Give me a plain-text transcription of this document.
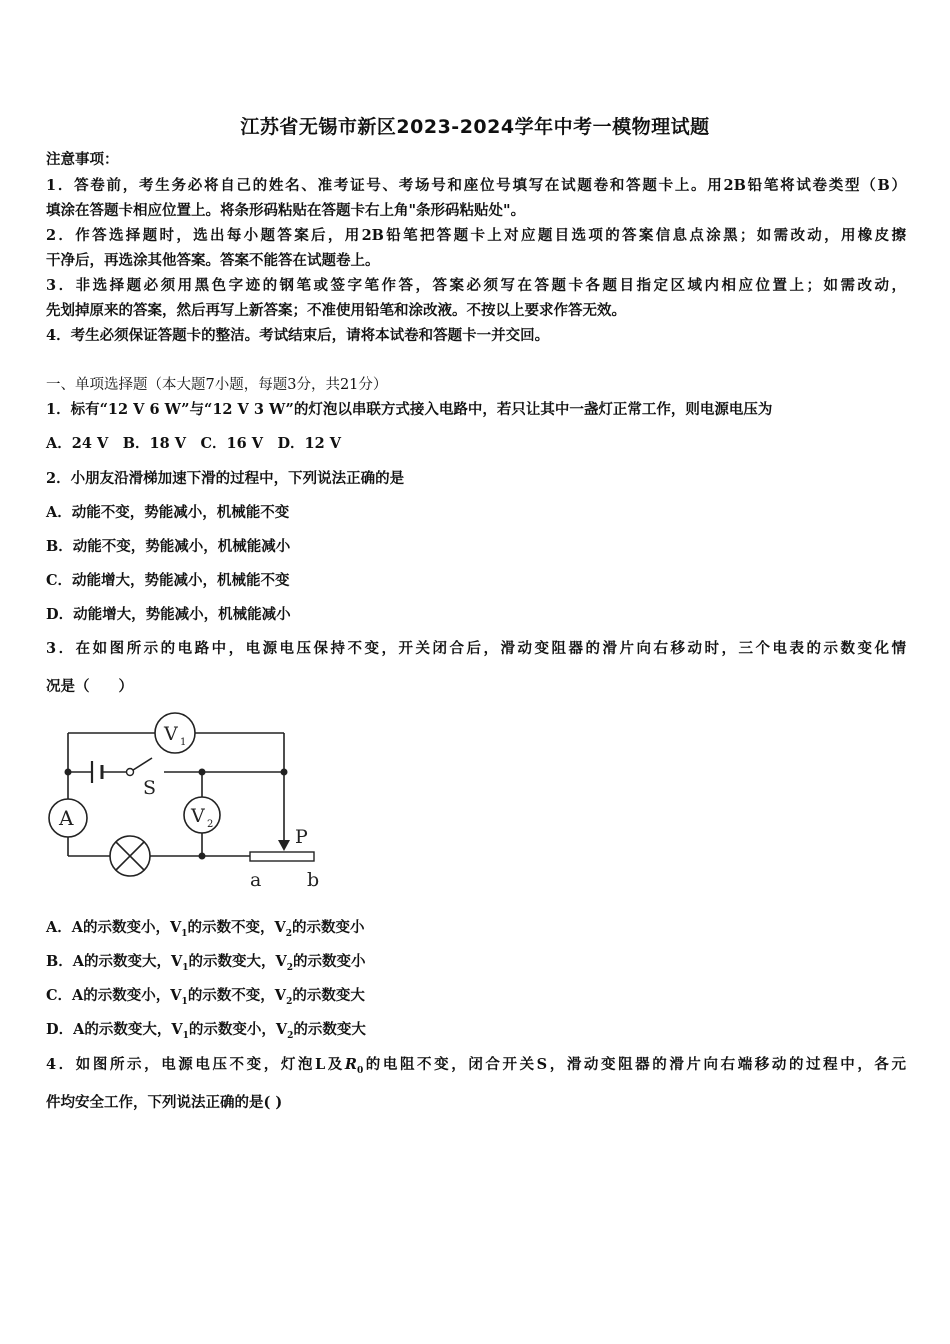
江苏省无锡市新区2023-2024学年中考一模物理试题
注意事项：
1．答卷前，考生务必将自己的姓名、准考证号、考场号和座位号填写在试题卷和答题卡上。用2B铅笔将试卷类型（B）
填涂在答题卡相应位置上。将条形码粘贴在答题卡右上角"条形码粘贴处"。
2．作答选择题时，选出每小题答案后，用2B铅笔把答题卡上对应题目选项的答案信息点涂黑；如需改动，用橡皮擦
干净后，再选涂其他答案。答案不能答在试题卷上。
3．非选择题必须用黑色字迹的钢笔或签字笔作答，答案必须写在答题卡各题目指定区域内相应位置上；如需改动，
先划掉原来的答案，然后再写上新答案；不准使用铅笔和涂改液。不按以上要求作答无效。
4．考生必须保证答题卡的整洁。考试结束后，请将本试卷和答题卡一并交回。
一、单项选择题（本大题7小题，每题3分，共21分）
1．标有“12 V 6 W”与“12 V 3 W”的灯泡以串联方式接入电路中，若只让其中一盏灯正常工作，则电源电压为
A．24 V　B．18 V　C．16 V　D．12 V
2．小朋友沿滑梯加速下滑的过程中，下列说法正确的是
A．动能不变，势能减小，机械能不变
B．动能不变，势能减小，机械能减小
C．动能增大，势能减小，机械能不变
D．动能增大，势能减小，机械能减小
3．在如图所示的电路中，电源电压保持不变，开关闭合后，滑动变阻器的滑片向右移动时，三个电表的示数变化情
况是（　　）
V 1
V 2
A
S
P
a b
A．A的示数变小，$V_1$的示数不变，$V_2$的示数变小
B．A的示数变大，$V_1$的示数变大，$V_2$的示数变小
C．A的示数变小，$V_1$的示数不变，$V_2$的示数变大
D．A的示数变大，$V_1$的示数变小，$V_2$的示数变大
4．如图所示，电源电压不变，灯泡L及$R_0$的电阻不变，闭合开关S，滑动变阻器的滑片向右端移动的过程中，各元
件均安全工作，下列说法正确的是( )
